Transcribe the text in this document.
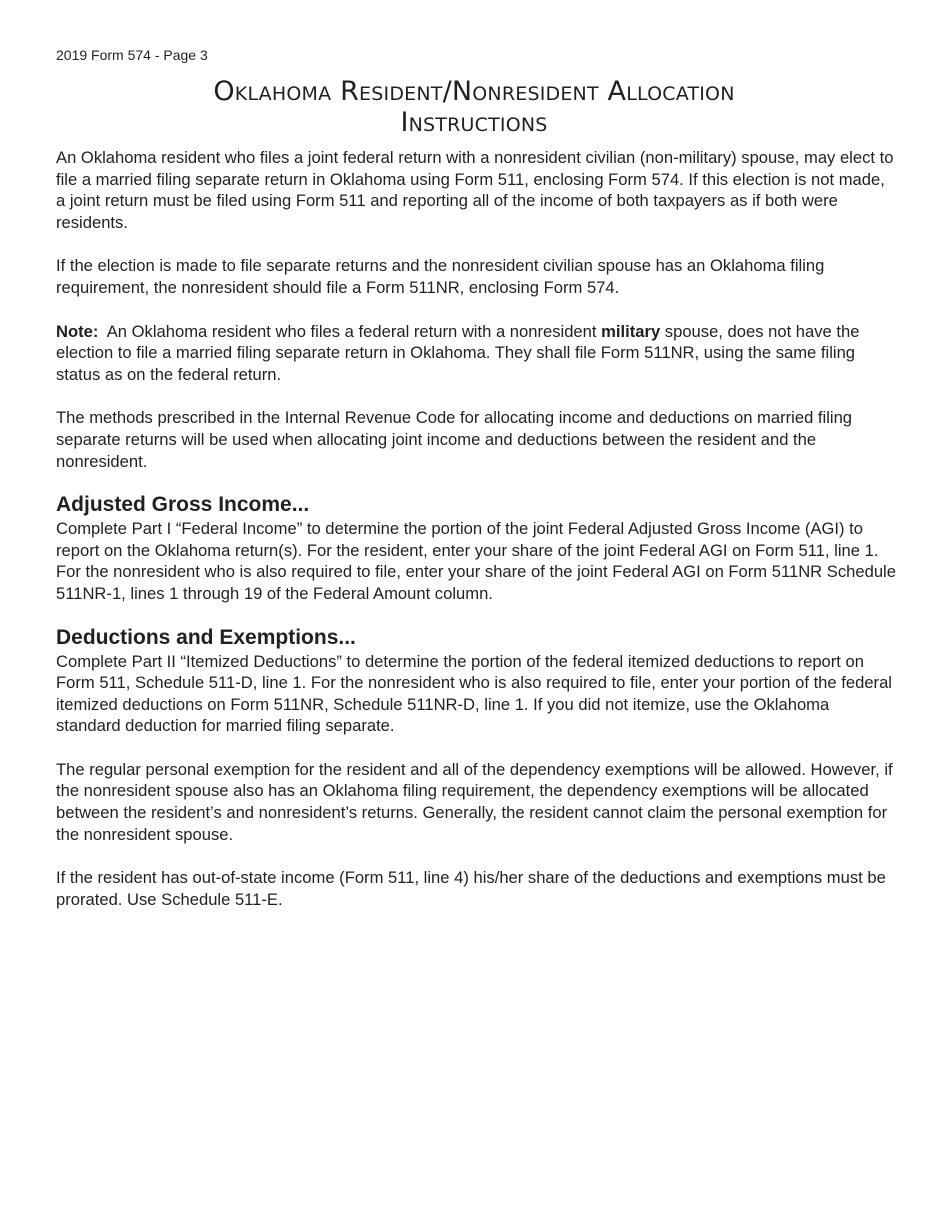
2019 Form 574 - Page 3
Oklahoma Resident/Nonresident Allocation
Instructions

An Oklahoma resident who files a joint federal return with a nonresident civilian (non-military) spouse, may elect to file a married filing separate return in Oklahoma using Form 511, enclosing Form 574. If this election is not made, a joint return must be filed using Form 511 and reporting all of the income of both taxpayers as if both were residents.

If the election is made to file separate returns and the nonresident civilian spouse has an Oklahoma filing requirement, the nonresident should file a Form 511NR, enclosing Form 574.

Note: An Oklahoma resident who files a federal return with a nonresident military spouse, does not have the election to file a married filing separate return in Oklahoma. They shall file Form 511NR, using the same filing status as on the federal return.

The methods prescribed in the Internal Revenue Code for allocating income and deductions on married filing separate returns will be used when allocating joint income and deductions between the resident and the nonresident.

Adjusted Gross Income...

Complete Part I “Federal Income” to determine the portion of the joint Federal Adjusted Gross Income (AGI) to report on the Oklahoma return(s). For the resident, enter your share of the joint Federal AGI on Form 511, line 1. For the nonresident who is also required to file, enter your share of the joint Federal AGI on Form 511NR Schedule 511NR-1, lines 1 through 19 of the Federal Amount column.

Deductions and Exemptions...

Complete Part II “Itemized Deductions” to determine the portion of the federal itemized deductions to report on Form 511, Schedule 511-D, line 1. For the nonresident who is also required to file, enter your portion of the federal itemized deductions on Form 511NR, Schedule 511NR-D, line 1. If you did not itemize, use the Oklahoma standard deduction for married filing separate.

The regular personal exemption for the resident and all of the dependency exemptions will be allowed. However, if the nonresident spouse also has an Oklahoma filing requirement, the dependency exemptions will be allocated between the resident’s and nonresident’s returns. Generally, the resident cannot claim the personal exemption for the nonresident spouse.

If the resident has out-of-state income (Form 511, line 4) his/her share of the deductions and exemptions must be prorated. Use Schedule 511-E.
